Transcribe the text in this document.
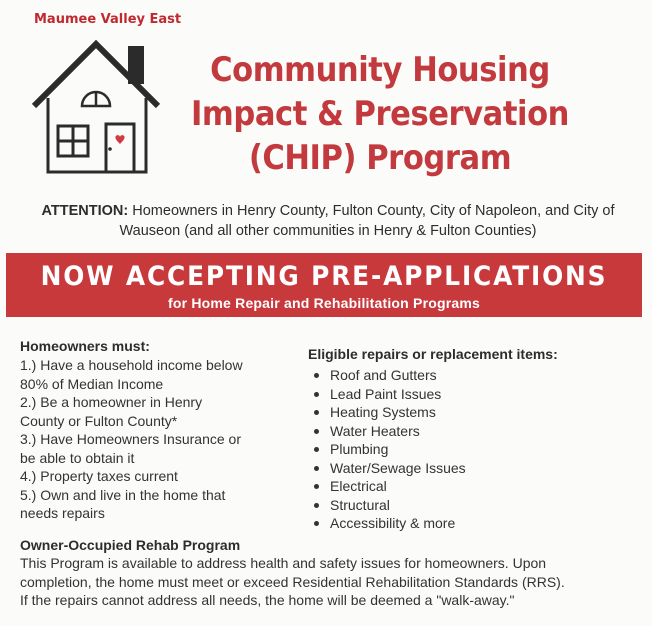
Maumee Valley East
Community Housing
Impact & Preservation
(CHIP) Program
ATTENTION: Homeowners in Henry County, Fulton County, City of Napoleon, and City of Wauseon (and all other communities in Henry & Fulton Counties)
NOW ACCEPTING PRE-APPLICATIONS
for Home Repair and Rehabilitation Programs
Homeowners must:
1.) Have a household income below
80% of Median Income
2.) Be a homeowner in Henry
County or Fulton County*
3.) Have Homeowners Insurance or
be able to obtain it
4.) Property taxes current
5.) Own and live in the home that
needs repairs
Eligible repairs or replacement items:
Roof and Gutters
Lead Paint Issues
Heating Systems
Water Heaters
Plumbing
Water/Sewage Issues
Electrical
Structural
Accessibility & more
Owner-Occupied Rehab Program
This Program is available to address health and safety issues for homeowners. Upon
completion, the home must meet or exceed Residential Rehabilitation Standards (RRS).
If the repairs cannot address all needs, the home will be deemed a "walk-away."
